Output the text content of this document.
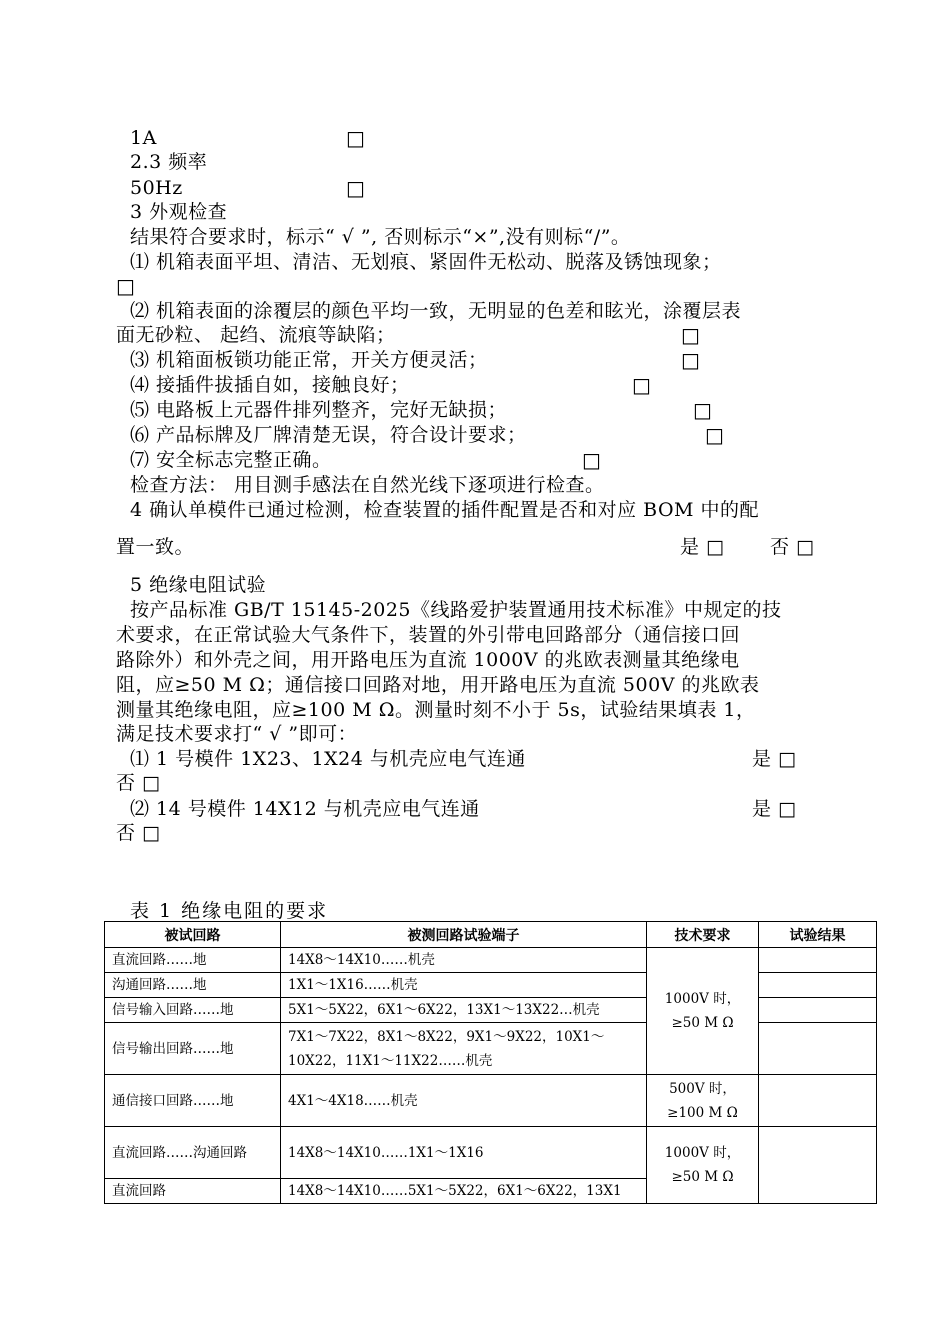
1A	□
2.3 频率
50Hz	□
3 外观检查
结果符合要求时，标示“ √ ”, 否则标示“×”,没有则标“/”。
⑴ 机箱表面平坦、清洁、无划痕、紧固件无松动、脱落及锈蚀现象；
□
⑵ 机箱表面的涂覆层的颜色平均一致，无明显的色差和眩光，涂覆层表
面无砂粒、 起绉、流痕等缺陷；	□
⑶ 机箱面板锁功能正常，开关方便灵活；	□
⑷ 接插件拔插自如，接触良好；	□
⑸ 电路板上元器件排列整齐，完好无缺损；	□
⑹ 产品标牌及厂牌清楚无误，符合设计要求；	□
⑺ 安全标志完整正确。	□
检查方法： 用目测手感法在自然光线下逐项进行检查。
4 确认单模件已通过检测，检查装置的插件配置是否和对应 BOM 中的配
置一致。	是 □ 否 □
5 绝缘电阻试验
按产品标准 GB/T 15145-2025《线路爱护装置通用技术标准》中规定的技
术要求，在正常试验大气条件下，装置的外引带电回路部分（通信接口回
路除外）和外壳之间，用开路电压为直流 1000V 的兆欧表测量其绝缘电
阻，应≥50 M Ω；通信接口回路对地，用开路电压为直流 500V 的兆欧表
测量其绝缘电阻，应≥100 M Ω。测量时刻不小于 5s，试验结果填表 1，
满足技术要求打“ √ ”即可：
⑴ 1 号模件 1X23、1X24 与机壳应电气连通	是 □
否 □
⑵ 14 号模件 14X12 与机壳应电气连通	是 □
否 □
表 1 绝缘电阻的要求
被试回路	被测回路试验端子	技术要求	试验结果
直流回路……地	14X8～14X10……机壳	1000V 时，≥50 M Ω	
沟通回路……地	1X1～1X16……机壳		
信号输入回路……地	5X1～5X22，6X1～6X22，13X1～13X22…机壳		
信号输出回路……地	7X1～7X22，8X1～8X22，9X1～9X22，10X1～10X22，11X1～11X22……机壳		
通信接口回路……地	4X1～4X18……机壳	500V 时，≥100 M Ω	
直流回路……沟通回路	14X8～14X10……1X1～1X16	1000V 时，≥50 M Ω	
直流回路	14X8～14X10……5X1～5X22，6X1～6X22，13X1		
